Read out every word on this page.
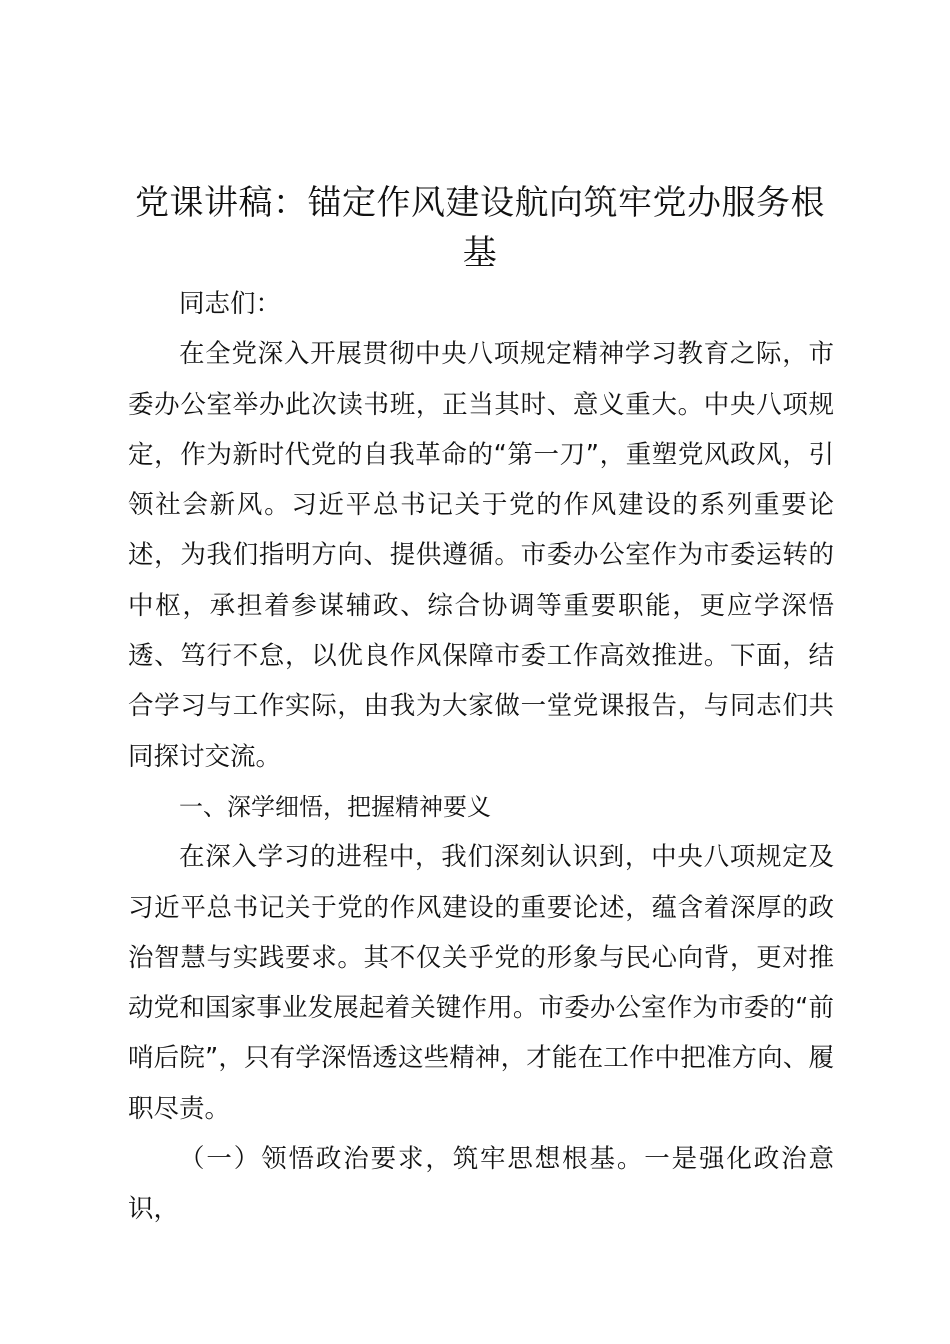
党课讲稿：锚定作风建设航向筑牢党办服务根基

同志们：

在全党深入开展贯彻中央八项规定精神学习教育之际，市委办公室举办此次读书班，正当其时、意义重大。中央八项规定，作为新时代党的自我革命的“第一刀”，重塑党风政风，引领社会新风。习近平总书记关于党的作风建设的系列重要论述，为我们指明方向、提供遵循。市委办公室作为市委运转的中枢，承担着参谋辅政、综合协调等重要职能，更应学深悟透、笃行不怠，以优良作风保障市委工作高效推进。下面，结合学习与工作实际，由我为大家做一堂党课报告，与同志们共同探讨交流。

一、深学细悟，把握精神要义

在深入学习的进程中，我们深刻认识到，中央八项规定及习近平总书记关于党的作风建设的重要论述，蕴含着深厚的政治智慧与实践要求。其不仅关乎党的形象与民心向背，更对推动党和国家事业发展起着关键作用。市委办公室作为市委的“前哨后院”，只有学深悟透这些精神，才能在工作中把准方向、履职尽责。

（一）领悟政治要求，筑牢思想根基。一是强化政治意识，
